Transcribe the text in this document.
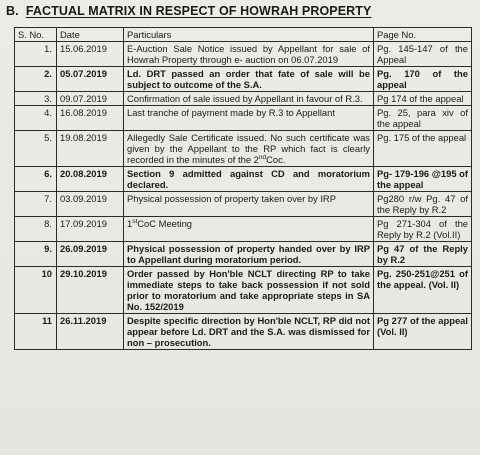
B. FACTUAL MATRIX IN RESPECT OF HOWRAH PROPERTY
S. No.	Date	Particulars	Page No.
1.	15.06.2019	E-Auction Sale Notice issued by Appellant for sale of Howrah Property through e- auction on 06.07.2019	Pg. 145-147 of the Appeal
2.	05.07.2019	Ld. DRT passed an order that fate of sale will be subject to outcome of the S.A.	Pg. 170 of the appeal
3.	09.07.2019	Confirmation of sale issued by Appellant in favour of R.3.	Pg 174 of the appeal
4.	16.08.2019	Last tranche of payment made by R.3 to Appellant	Pg. 25, para xiv of the appeal
5.	19.08.2019	Allegedly Sale Certificate issued. No such certificate was given by the Appellant to the RP which fact is clearly recorded in the minutes of the 2ndCoc.	Pg. 175 of the appeal
6.	20.08.2019	Section 9 admitted against CD and moratorium declared.	Pg- 179-196 @195 of the appeal
7.	03.09.2019	Physical possession of property taken over by IRP	Pg280 r/w Pg. 47 of the Reply by R.2
8.	17.09.2019	1stCoC Meeting	Pg 271-304 of the Reply by R.2 (Vol.II)
9.	26.09.2019	Physical possession of property handed over by IRP to Appellant during moratorium period.	Pg 47 of the Reply by R.2
10	29.10.2019	Order passed by Hon'ble NCLT directing RP to take immediate steps to take back possession if not sold prior to moratorium and take appropriate steps in SA No. 152/2019	Pg. 250-251@251 of the appeal. (Vol. II)
11	26.11.2019	Despite specific direction by Hon'ble NCLT, RP did not appear before Ld. DRT and the S.A. was dismissed for non – prosecution.	Pg 277 of the appeal (Vol. II)
